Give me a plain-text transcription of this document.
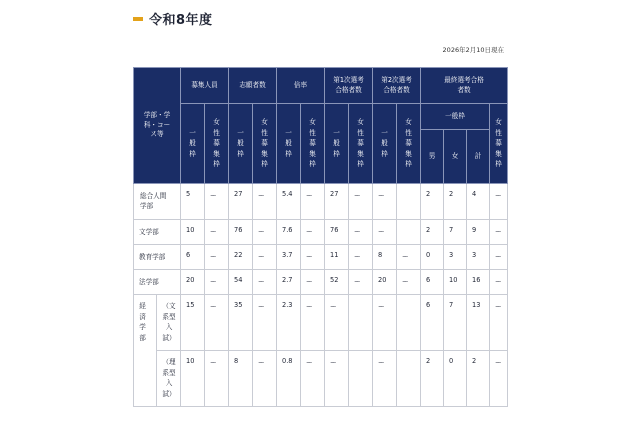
令和8年度
2026年2月10日現在
学部・学科・コース等		募集人員		志願者数		倍率		第1次選考合格者数		第2次選考合格者数		最終選考合格者数			
		一般枠	女性募集枠	一般枠	女性募集枠	一般枠	女性募集枠	一般枠	女性募集枠	一般枠	女性募集枠	一般枠			女性募集枠
												男	女	計	
総合人間学部		5	ー	27	ー	5.4	ー	27	ー	ー		2	2	4	ー
文学部		10	ー	76	ー	7.6	ー	76	ー	ー		2	7	9	ー
教育学部		6	ー	22	ー	3.7	ー	11	ー	8	ー	0	3	3	ー
法学部		20	ー	54	ー	2.7	ー	52	ー	20	ー	6	10	16	ー
経済学部	（文系型入試）	15	ー	35	ー	2.3	ー	ー		ー		6	7	13	ー
	（理系型入試）	10	ー	8	ー	0.8	ー	ー		ー		2	0	2	ー
